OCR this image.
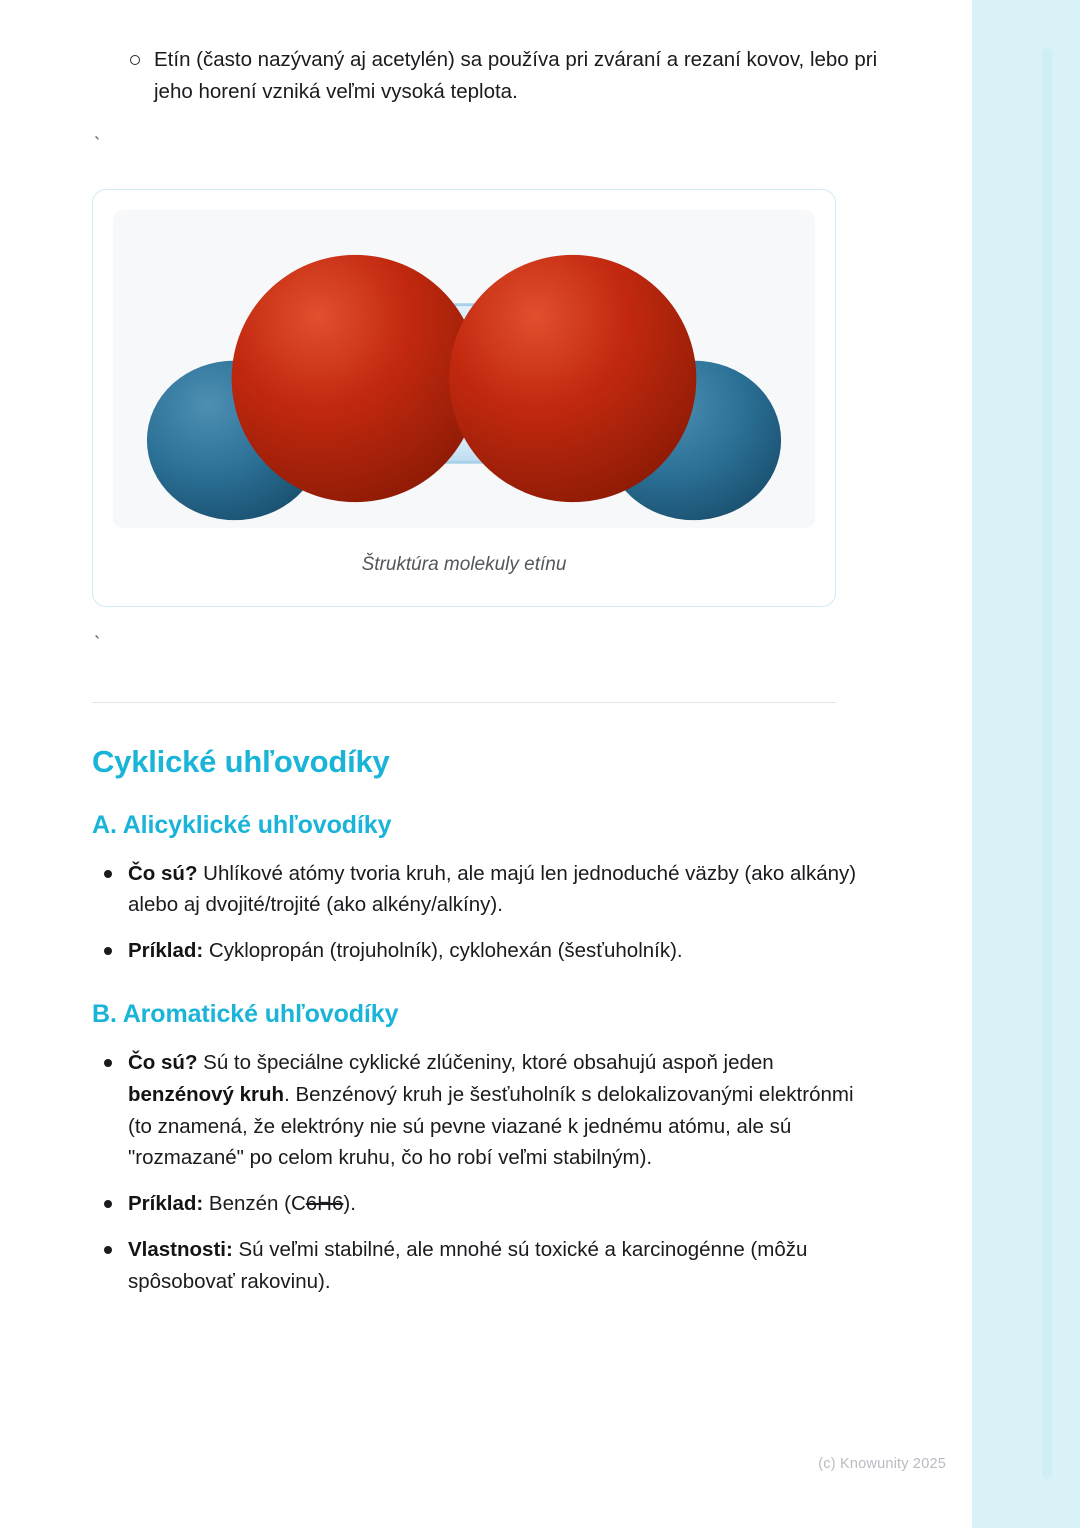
Etín (často nazývaný aj acetylén) sa používa pri zváraní a rezaní kovov, lebo pri jeho horení vzniká veľmi vysoká teplota.
`
Štruktúra molekuly etínu
`
Cyklické uhľovodíky
A. Alicyklické uhľovodíky
Čo sú? Uhlíkové atómy tvoria kruh, ale majú len jednoduché väzby (ako alkány) alebo aj dvojité/trojité (ako alkény/alkíny).
Príklad: Cyklopropán (trojuholník), cyklohexán (šesťuholník).
B. Aromatické uhľovodíky
Čo sú? Sú to špeciálne cyklické zlúčeniny, ktoré obsahujú aspoň jeden benzénový kruh. Benzénový kruh je šesťuholník s delokalizovanými elektrónmi (to znamená, že elektróny nie sú pevne viazané k jednému atómu, ale sú "rozmazané" po celom kruhu, čo ho robí veľmi stabilným).
Príklad: Benzén (C6H6).
Vlastnosti: Sú veľmi stabilné, ale mnohé sú toxické a karcinogénne (môžu spôsobovať rakovinu).
(c) Knowunity 2025
